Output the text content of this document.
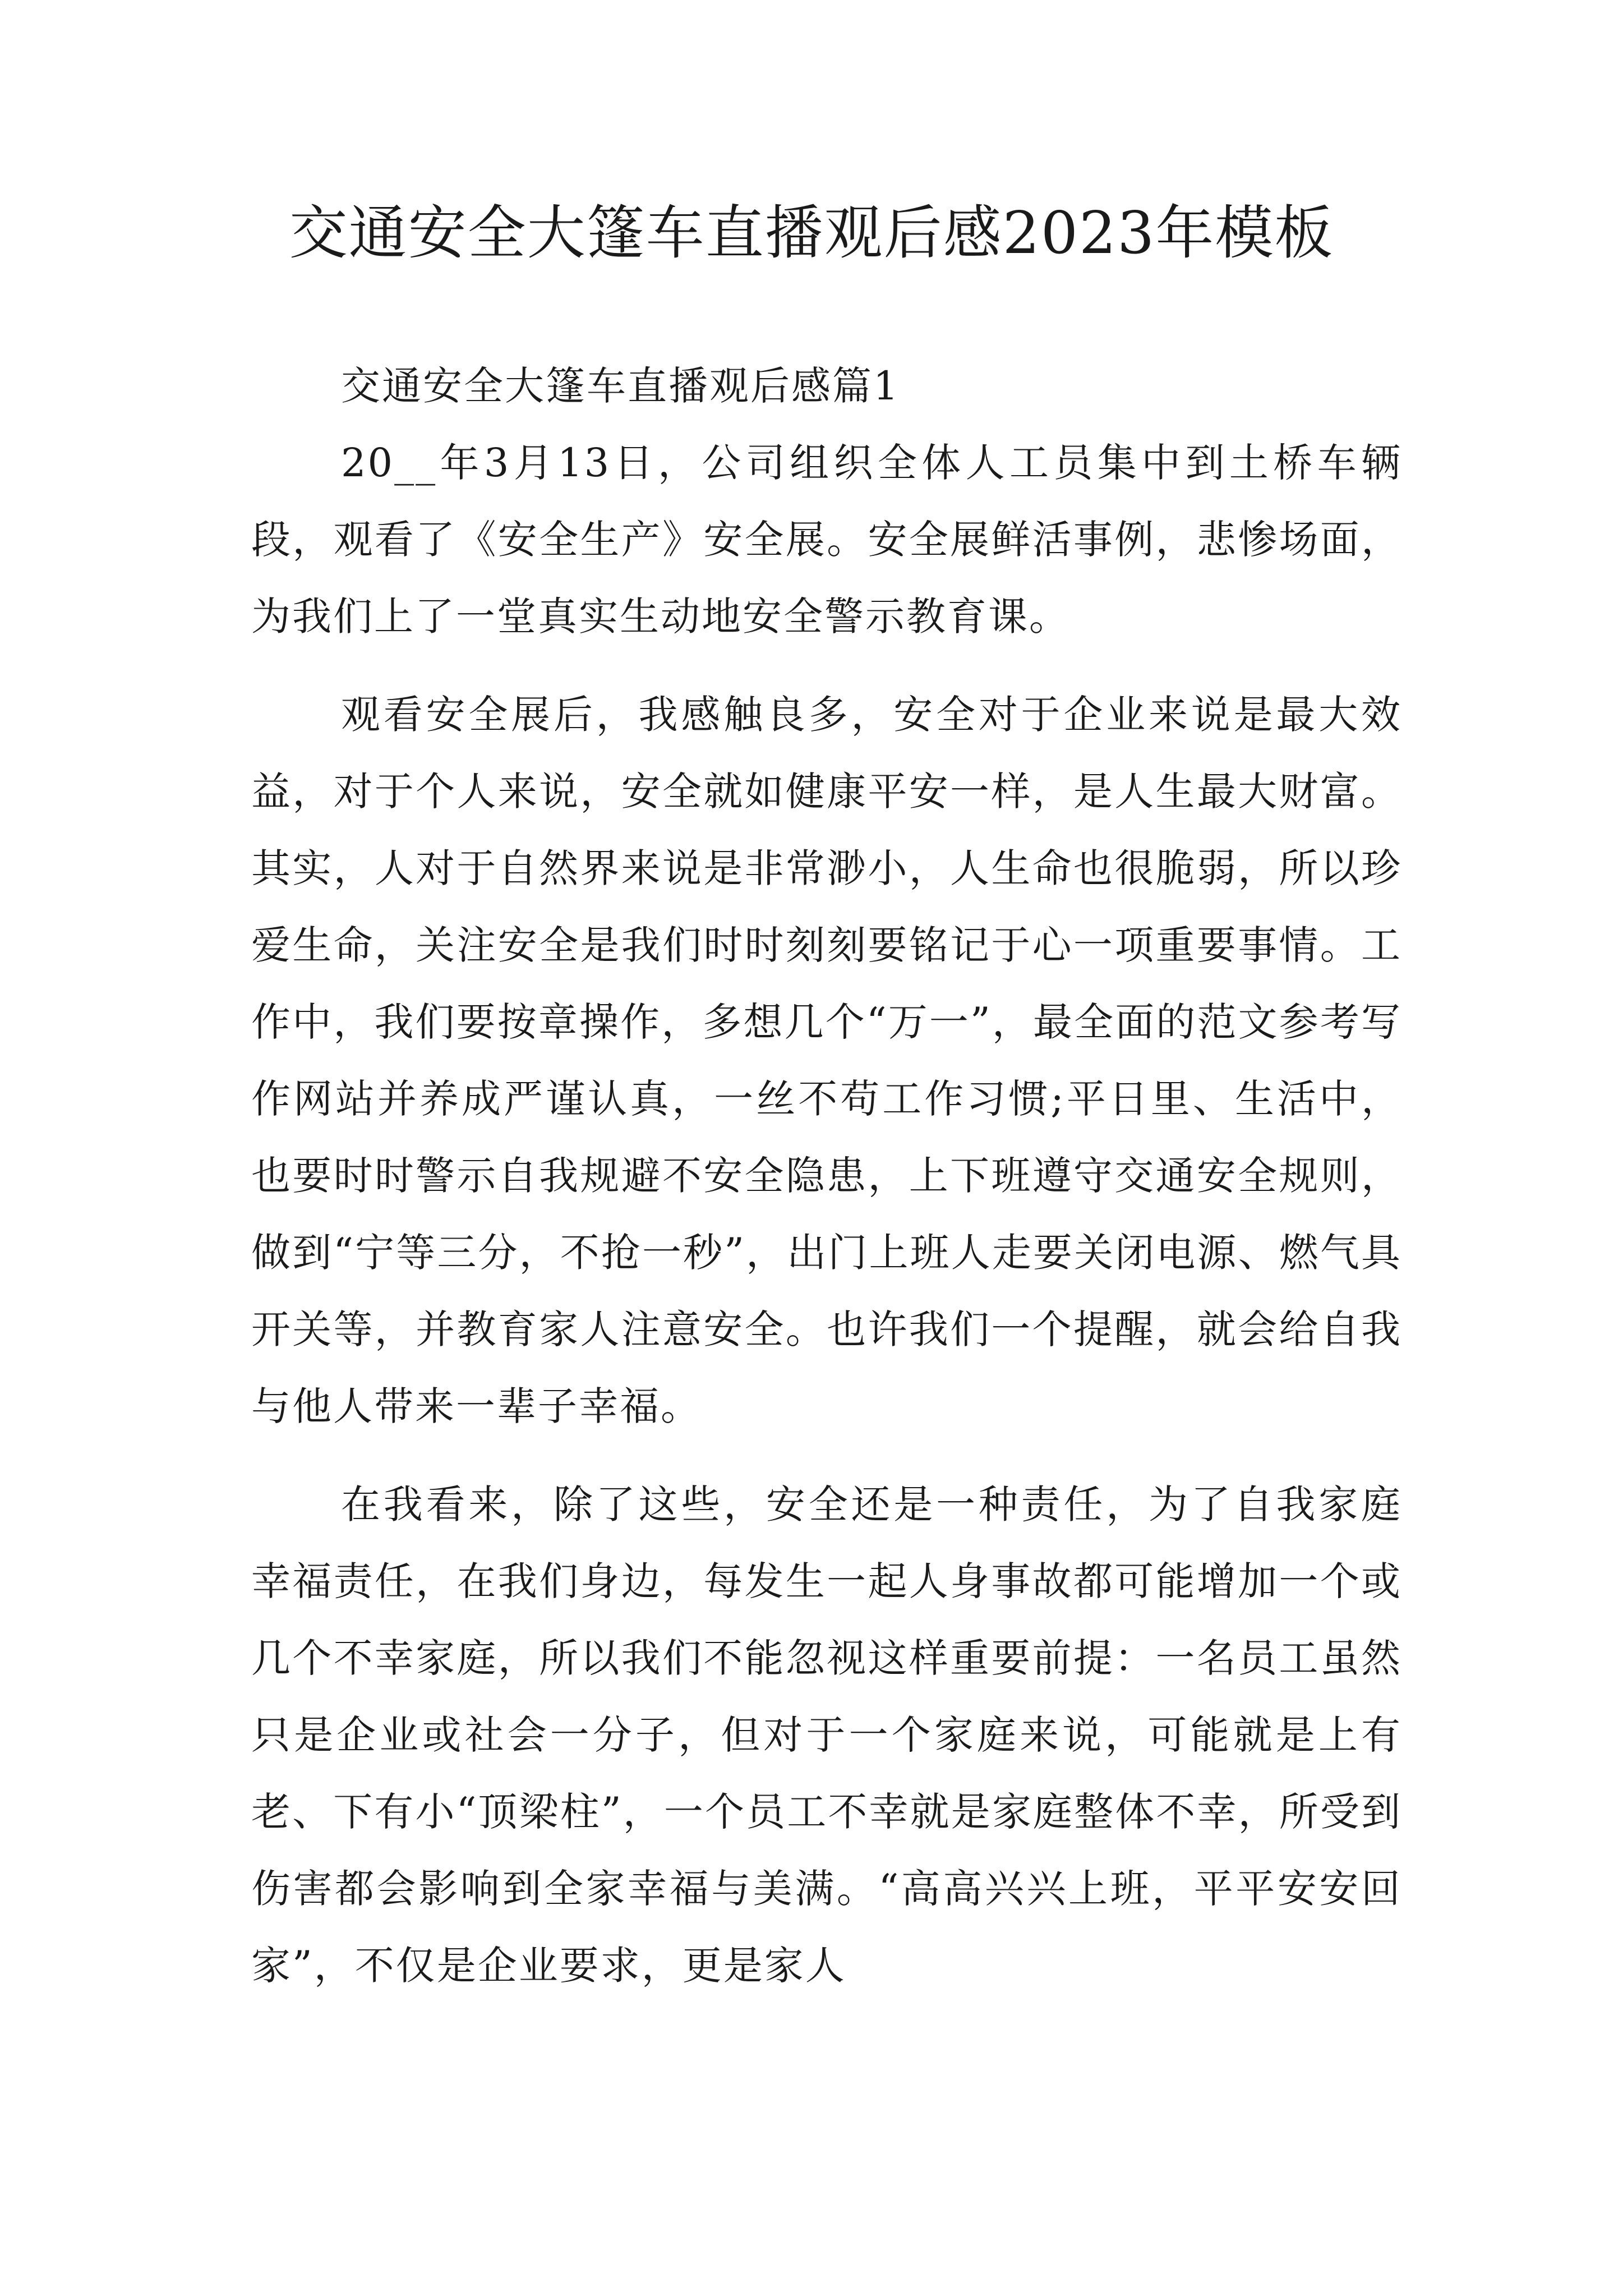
交通安全大篷车直播观后感2023年模板

交通安全大篷车直播观后感篇1

20__年3月13日，公司组织全体人工员集中到土桥车辆段，观看了《安全生产》安全展。安全展鲜活事例，悲惨场面，为我们上了一堂真实生动地安全警示教育课。

观看安全展后，我感触良多，安全对于企业来说是最大效益，对于个人来说，安全就如健康平安一样，是人生最大财富。其实，人对于自然界来说是非常渺小，人生命也很脆弱，所以珍爱生命，关注安全是我们时时刻刻要铭记于心一项重要事情。工作中，我们要按章操作，多想几个“万一”，最全面的范文参考写作网站并养成严谨认真，一丝不苟工作习惯;平日里、生活中，也要时时警示自我规避不安全隐患，上下班遵守交通安全规则，做到“宁等三分，不抢一秒”，出门上班人走要关闭电源、燃气具开关等，并教育家人注意安全。也许我们一个提醒，就会给自我与他人带来一辈子幸福。

在我看来，除了这些，安全还是一种责任，为了自我家庭幸福责任，在我们身边，每发生一起人身事故都可能增加一个或几个不幸家庭，所以我们不能忽视这样重要前提：一名员工虽然只是企业或社会一分子，但对于一个家庭来说，可能就是上有老、下有小“顶梁柱”，一个员工不幸就是家庭整体不幸，所受到伤害都会影响到全家幸福与美满。“高高兴兴上班，平平安安回家”，不仅是企业要求，更是家人
